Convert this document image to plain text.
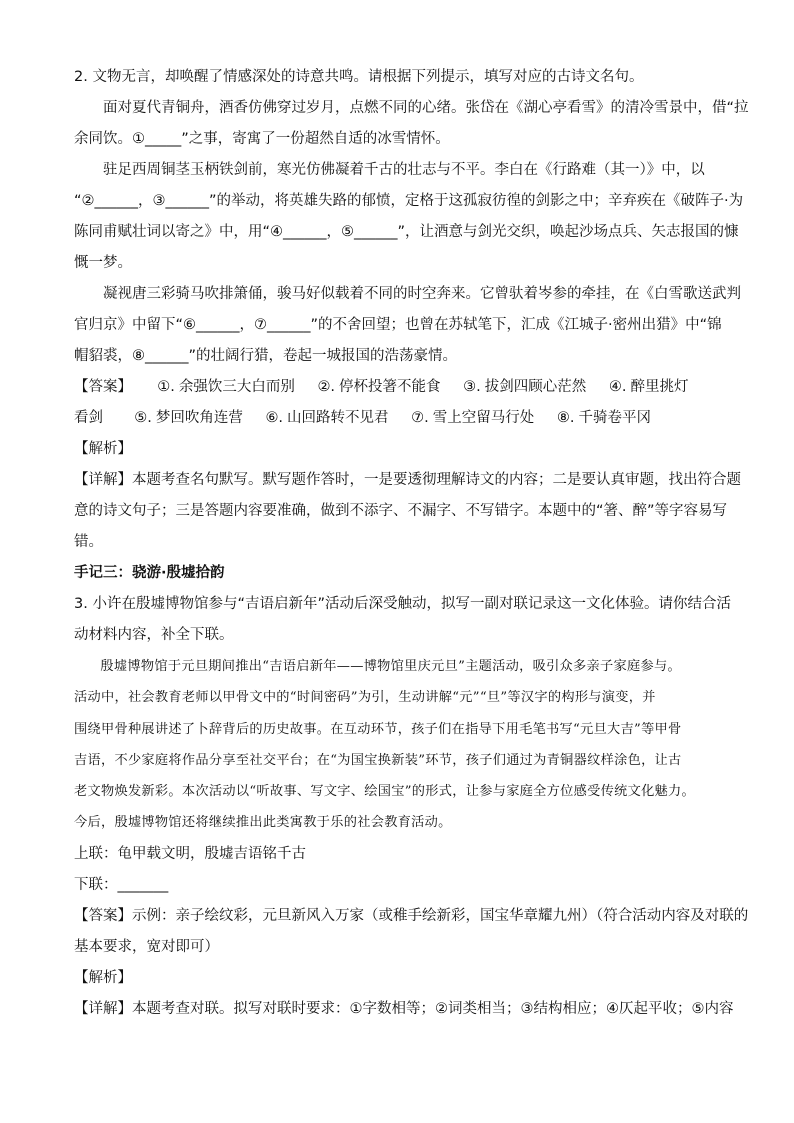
2. 文物无言，却唤醒了情感深处的诗意共鸣。请根据下列提示，填写对应的古诗文名句。
面对夏代青铜舟，酒香仿佛穿过岁月，点燃不同的心绪。张岱在《湖心亭看雪》的清冷雪景中，借“拉
余同饮。①_____”之事，寄寓了一份超然自适的冰雪情怀。
驻足西周铜茎玉柄铁剑前，寒光仿佛凝着千古的壮志与不平。李白在《行路难（其一）》中，以
“②______，③______”的举动，将英雄失路的郁愤，定格于这孤寂彷徨的剑影之中；辛弃疾在《破阵子·为
陈同甫赋壮词以寄之》中，用“④______，⑤______”，让酒意与剑光交织，唤起沙场点兵、矢志报国的慷
慨一梦。
凝视唐三彩骑马吹排箫俑，骏马好似载着不同的时空奔来。它曾驮着岑参的牵挂，在《白雪歌送武判
官归京》中留下“⑥______，⑦______”的不舍回望；也曾在苏轼笔下，汇成《江城子·密州出猎》中“锦
帽貂裘，⑧______”的壮阔行猎，卷起一城报国的浩荡豪情。
【答案】 ①. 余强饮三大白而别 ②. 停杯投箸不能食 ③. 拔剑四顾心茫然 ④. 醉里挑灯
看剑 ⑤. 梦回吹角连营 ⑥. 山回路转不见君 ⑦. 雪上空留马行处 ⑧. 千骑卷平冈
【解析】
【详解】本题考查名句默写。默写题作答时，一是要透彻理解诗文的内容；二是要认真审题，找出符合题
意的诗文句子；三是答题内容要准确，做到不添字、不漏字、不写错字。本题中的“箸、醉”等字容易写
错。
手记三：骁游·殷墟拾韵
3. 小许在殷墟博物馆参与“吉语启新年”活动后深受触动，拟写一副对联记录这一文化体验。请你结合活
动材料内容，补全下联。
殷墟博物馆于元旦期间推出“吉语启新年——博物馆里庆元旦”主题活动，吸引众多亲子家庭参与。
活动中，社会教育老师以甲骨文中的“时间密码”为引，生动讲解“元”“旦”等汉字的构形与演变，并
围绕甲骨种展讲述了卜辞背后的历史故事。在互动环节，孩子们在指导下用毛笔书写“元旦大吉”等甲骨
吉语，不少家庭将作品分享至社交平台；在“为国宝换新装”环节，孩子们通过为青铜器纹样涂色，让古
老文物焕发新彩。本次活动以“听故事、写文字、绘国宝”的形式，让参与家庭全方位感受传统文化魅力。
今后，殷墟博物馆还将继续推出此类寓教于乐的社会教育活动。
上联：龟甲载文明，殷墟吉语铭千古
下联：_______
【答案】示例：亲子绘纹彩，元旦新风入万家（或稚手绘新彩，国宝华章耀九州）（符合活动内容及对联的
基本要求，宽对即可）
【解析】
【详解】本题考查对联。拟写对联时要求：①字数相等；②词类相当；③结构相应；④仄起平收；⑤内容
